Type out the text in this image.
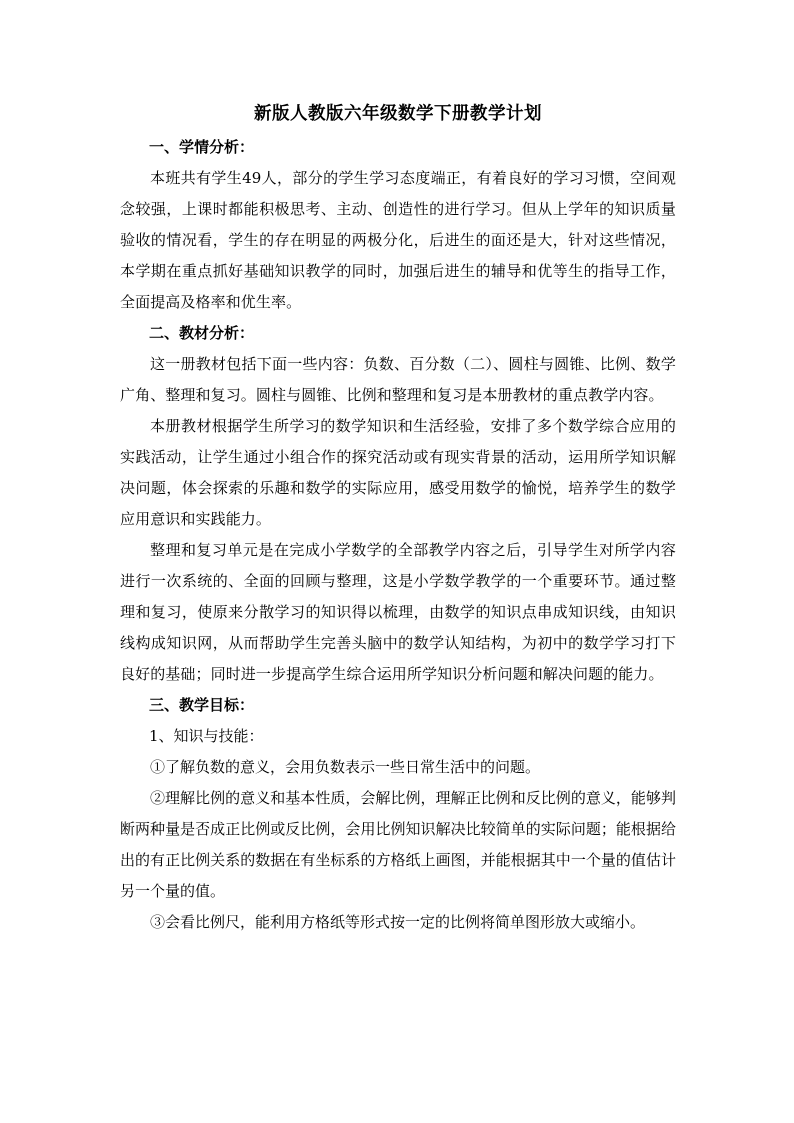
新版人教版六年级数学下册教学计划
一、学情分析：

本班共有学生49人，部分的学生学习态度端正，有着良好的学习习惯，空间观念较强，上课时都能积极思考、主动、创造性的进行学习。但从上学年的知识质量验收的情况看，学生的存在明显的两极分化，后进生的面还是大，针对这些情况，本学期在重点抓好基础知识教学的同时，加强后进生的辅导和优等生的指导工作，全面提高及格率和优生率。

二、教材分析：

这一册教材包括下面一些内容：负数、百分数（二）、圆柱与圆锥、比例、数学广角、整理和复习。圆柱与圆锥、比例和整理和复习是本册教材的重点教学内容。

本册教材根据学生所学习的数学知识和生活经验，安排了多个数学综合应用的实践活动，让学生通过小组合作的探究活动或有现实背景的活动，运用所学知识解决问题，体会探索的乐趣和数学的实际应用，感受用数学的愉悦，培养学生的数学应用意识和实践能力。

整理和复习单元是在完成小学数学的全部教学内容之后，引导学生对所学内容进行一次系统的、全面的回顾与整理，这是小学数学教学的一个重要环节。通过整理和复习，使原来分散学习的知识得以梳理，由数学的知识点串成知识线，由知识线构成知识网，从而帮助学生完善头脑中的数学认知结构，为初中的数学学习打下良好的基础；同时进一步提高学生综合运用所学知识分析问题和解决问题的能力。

三、教学目标：

1、知识与技能：

①了解负数的意义，会用负数表示一些日常生活中的问题。

②理解比例的意义和基本性质，会解比例，理解正比例和反比例的意义，能够判断两种量是否成正比例或反比例，会用比例知识解决比较简单的实际问题；能根据给出的有正比例关系的数据在有坐标系的方格纸上画图，并能根据其中一个量的值估计另一个量的值。

③会看比例尺，能利用方格纸等形式按一定的比例将简单图形放大或缩小。
